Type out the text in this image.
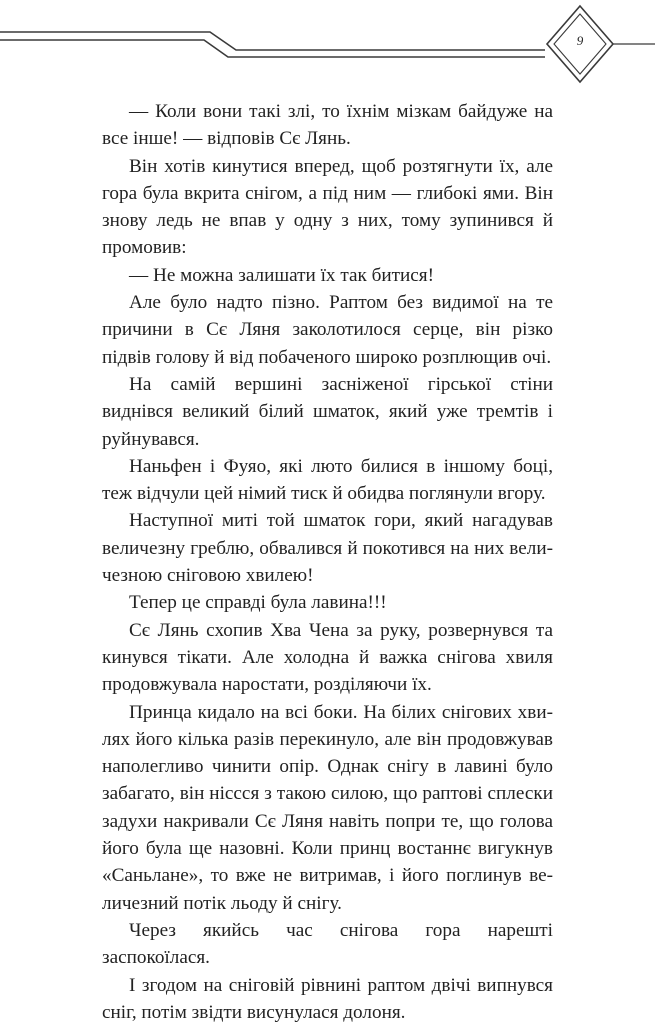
9

— Коли вони такі злі, то їхнім мізкам байдуже на все інше! — відповів Сє Лянь.

Він хотів кинутися вперед, щоб розтягнути їх, але гора була вкрита снігом, а під ним — глибокі ями. Він знову ледь не впав у одну з них, тому зупинився й промовив:

— Не можна залишати їх так битися!

Але було надто пізно. Раптом без видимої на те причини в Сє Ляня заколотилося серце, він різко підвів голову й від побаченого широко розплющив очі.

На самій вершині засніженої гірської стіни виднівся великий білий шматок, який уже тремтів і руйнувався.

Наньфен і Фуяо, які люто билися в іншому боці, теж відчули цей німий тиск й обидва поглянули вгору.

Наступної миті той шматок гори, який нагадував величезну греблю, обвалився й покотився на них величезною сніговою хвилею!

Тепер це справді була лавина!!!

Сє Лянь схопив Хва Чена за руку, розвернувся та кинувся тікати. Але холодна й важка снігова хвиля продовжувала наростати, розділяючи їх.

Принца кидало на всі боки. На білих снігових хвилях його кілька разів перекинуло, але він продовжував наполегливо чинити опір. Однак снігу в лавині було забагато, він ніссся з такою силою, що раптові сплески задухи накривали Сє Ляня навіть попри те, що голова його була ще назовні. Коли принц востаннє вигукнув «Саньлане», то вже не витримав, і його поглинув величезний потік льоду й снігу.

Через якийсь час снігова гора нарешті заспокоїлася.

І згодом на сніговій рівнині раптом двічі випнувся сніг, потім звідти висунулася долоня.
